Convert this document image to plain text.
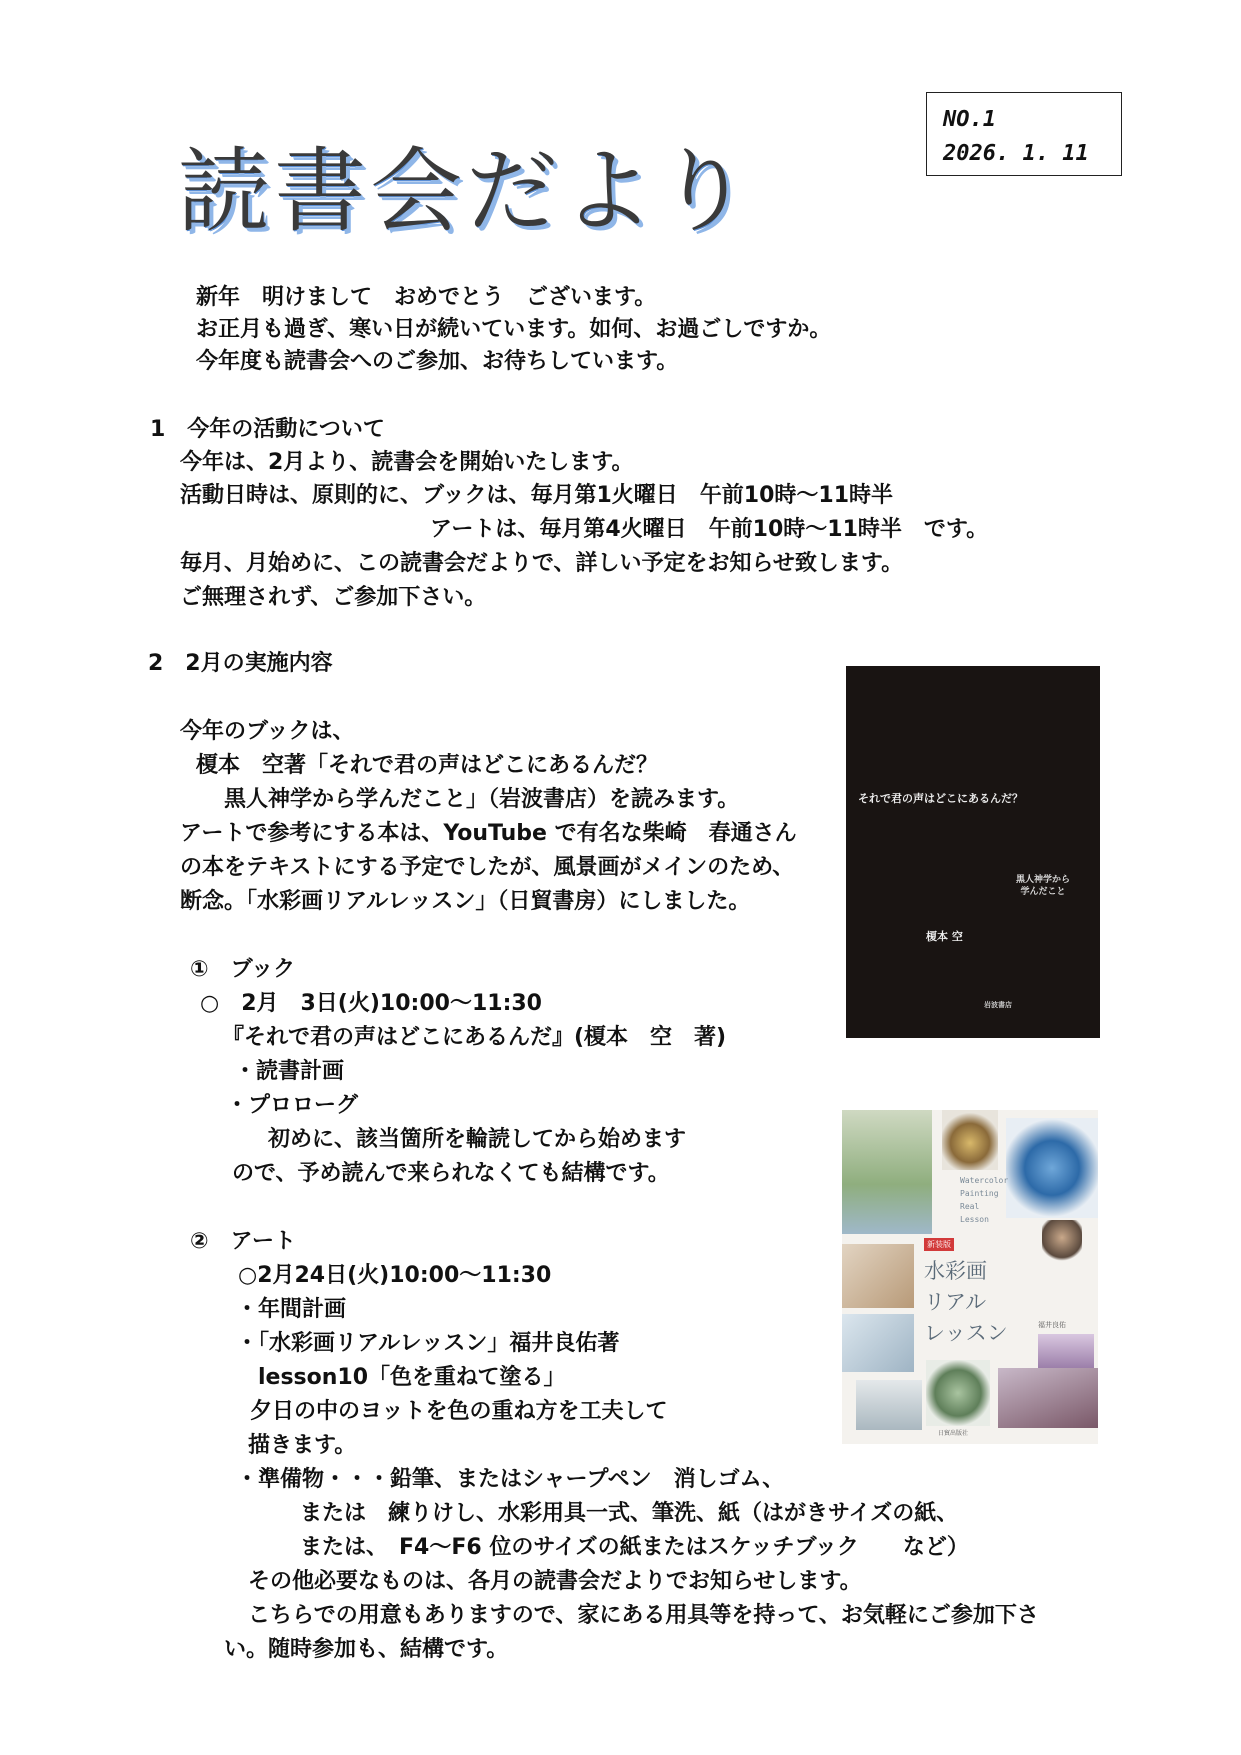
読書会だより
NO.1
2026. 1. 11
新年　明けまして　おめでとう　ございます。
お正月も過ぎ、寒い日が続いています。如何、お過ごしですか。
今年度も読書会へのご参加、お待ちしています。
1　今年の活動について
今年は、2月より、読書会を開始いたします。
活動日時は、原則的に、ブックは、毎月第1火曜日　午前10時～11時半
アートは、毎月第4火曜日　午前10時～11時半　です。
毎月、月始めに、この読書会だよりで、詳しい予定をお知らせ致します。
ご無理されず、ご参加下さい。
2　2月の実施内容
今年のブックは、
榎本　空著「それで君の声はどこにあるんだ？
黒人神学から学んだこと」（岩波書店）を読みます。
アートで参考にする本は、YouTube で有名な柴崎　春通さん
の本をテキストにする予定でしたが、風景画がメインのため、
断念。「水彩画リアルレッスン」（日貿書房）にしました。
①　ブック
○　2月　3日(火)10:00～11:30
『それで君の声はどこにあるんだ』(榎本　空　著)
・読書計画
・プロローグ
初めに、該当箇所を輪読してから始めます
ので、予め読んで来られなくても結構です。
②　アート
○2月24日(火)10:00～11:30
・年間計画
・「水彩画リアルレッスン」福井良佑著
lesson10「色を重ねて塗る」
夕日の中のヨットを色の重ね方を工夫して
描きます。
・準備物・・・鉛筆、またはシャープペン　消しゴム、
または　練りけし、水彩用具一式、筆洗、紙（はがきサイズの紙、
または、　F4～F6 位のサイズの紙またはスケッチブック　　など）
その他必要なものは、各月の読書会だよりでお知らせします。
こちらでの用意もありますので、家にある用具等を持って、お気軽にご参加下さ
い。随時参加も、結構です。
それで君の声はどこにあるんだ？
黒人神学から
学んだこと
榎本 空
岩波書店
Watercolor
Painting
Real
Lesson
新装版
水彩画
リアル
レッスン	福井良佑
日貿出版社
